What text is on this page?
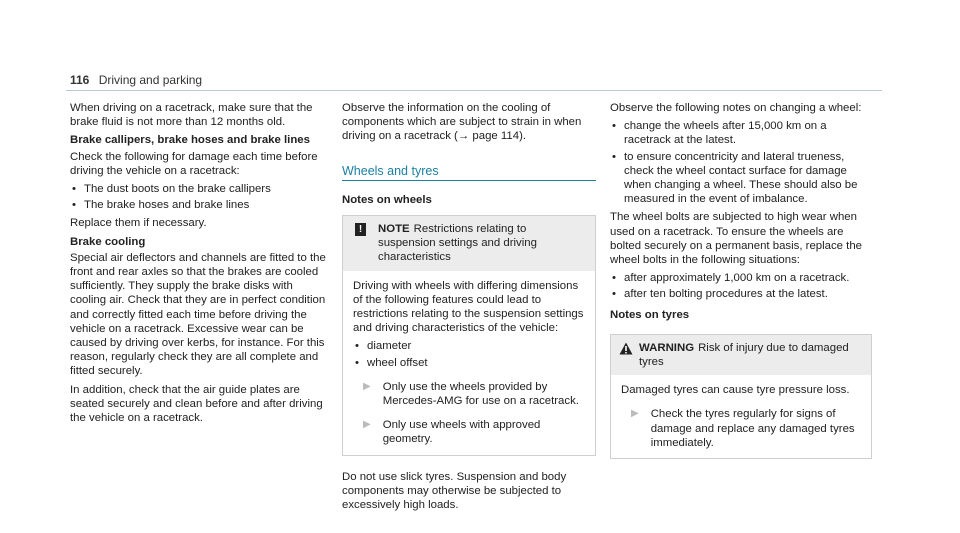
116 Driving and parking

When driving on a racetrack, make sure that the brake fluid is not more than 12 months old.

Brake callipers, brake hoses and brake lines

Check the following for damage each time before driving the vehicle on a racetrack:

• The dust boots on the brake callipers
• The brake hoses and brake lines

Replace them if necessary.

Brake cooling

Special air deflectors and channels are fitted to the front and rear axles so that the brakes are cooled sufficiently. They supply the brake disks with cooling air. Check that they are in perfect condition and correctly fitted each time before driving the vehicle on a racetrack. Excessive wear can be caused by driving over kerbs, for instance. For this reason, regularly check they are all complete and fitted securely.

In addition, check that the air guide plates are seated securely and clean before and after driving the vehicle on a racetrack.

Observe the information on the cooling of components which are subject to strain in when driving on a racetrack (→ page 114).

Wheels and tyres
Notes on wheels
!	NOTE Restrictions relating to suspension settings and driving characteristics

Driving with wheels with differing dimensions of the following features could lead to restrictions relating to the suspension settings and driving characteristics of the vehicle:

• diameter
• wheel offset
▶ Only use the wheels provided by Mercedes-AMG for use on a racetrack.
▶ Only use wheels with approved geometry.

Do not use slick tyres. Suspension and body components may otherwise be subjected to excessively high loads.

Observe the following notes on changing a wheel:

• change the wheels after 15,000 km on a racetrack at the latest.
• to ensure concentricity and lateral trueness, check the wheel contact surface for damage when changing a wheel. These should also be measured in the event of imbalance.

The wheel bolts are subjected to high wear when used on a racetrack. To ensure the wheels are bolted securely on a permanent basis, replace the wheel bolts in the following situations:

• after approximately 1,000 km on a racetrack.
• after ten bolting procedures at the latest.
Notes on tyres
WARNING Risk of injury due to damaged tyres

Damaged tyres can cause tyre pressure loss.

▶ Check the tyres regularly for signs of damage and replace any damaged tyres immediately.
